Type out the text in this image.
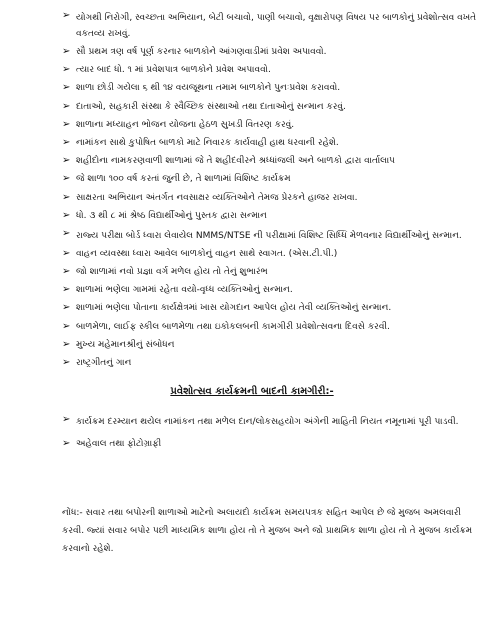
➢ યોગથી નિરોગી, સ્વચ્છતા અભિયાન, બેટી બચાવો, પાણી બચાવો, વૃક્ષારોપણ વિષય પર બાળકોનું પ્રવેશોત્સવ વખતે વકતવ્ય રાખવું.
➢ સૌ પ્રથમ ત્રણ વર્ષ પૂર્ણ કરનાર બાળકોને આંગણવાડીમાં પ્રવેશ અપાવવો.
➢ ત્યાર બાદ ધો. ૧ માં પ્રવેશપાત્ર બાળકોને પ્રવેશ અપાવવો.
➢ શાળા છોડી ગયેલા ૬ થી ૧૪ વયજૂથના તમામ બાળકોને પુનઃપ્રવેશ કરાવવો.
➢ દાતાઓ, સહકારી સંસ્થા કે સ્વૈચ્છિક સંસ્થાઓ તથા દાતાઓનું સન્માન કરવું.
➢ શાળાના મધ્યાહન ભોજન યોજના હેઠળ સુખડી વિતરણ કરવું.
➢ નામાંકન સાથે કુપોષિત બાળકો માટે નિવારક કાર્યવાહી હાથ ધરવાની રહેશે.
➢ શહીદોના નામકરણવાળી શાળામાં જે તે શહીદવીરને શ્રધ્ધાંજલી અને બાળકો દ્વારા વાર્તાલાપ
➢ જે શાળા ૧૦૦ વર્ષ કરતાં જુની છે, તે શાળામાં વિશિષ્ટ કાર્યક્રમ
➢ સાક્ષરતા અભિયાન અંતર્ગત નવસાક્ષર વ્યક્તિઓને તેમજ પ્રેરકને હાજર રાખવા.
➢ ધો. ૩ થી ૮ માં શ્રેષ્ઠ વિદ્યાર્થીઓનું પુસ્તક દ્વારા સન્માન
➢ રાજ્ય પરીક્ષા બોર્ડ ધ્વારા લેવાયેલ NMMS/NTSE ની પરીક્ષામાં વિશિષ્ટ સિધ્ધિ મેળવનાર વિદ્યાર્થીઓનું સન્માન.
➢ વાહન વ્યવસ્થા ધ્વારા આવેલ બાળકોનું વાહન સાથે સ્વાગત. (એસ.ટી.પી.)
➢ જો શાળામાં નવો પ્રજ્ઞા વર્ગ મળેલ હોય તો તેનું શુભારંભ
➢ શાળામાં ભણેલા ગામમાં રહેતા વયો-વૃધ્ધ વ્યક્તિઓનું સન્માન.
➢ શાળામાં ભણેલા પોતાના કાર્યક્ષેત્રમાં ખાસ યોગદાન આપેલ હોય તેવી વ્યક્તિઓનું સન્માન.
➢ બાળમેળા, લાઈફ સ્કીલ બાળમેળા તથા ઇકોકલબની કામગીરી પ્રવેશોત્સવના દિવસે કરવી.
➢ મુખ્ય મહેમાનશ્રીનું સંબોધન
➢ રાષ્ટ્રગીતનું ગાન
પ્રવેશોત્સવ કાર્યક્રમની બાદની કામગીરી:-
➢ કાર્યક્રમ દરમ્યાન થયેલ નામાંકન તથા મળેલ દાન/લોકસહયોગ અંગેની માહિતી નિયત નમૂનામાં પૂરી પાડવી.
➢ અહેવાલ તથા ફોટોગ્રાફી
નોંધ:- સવાર તથા બપોરની શાળાઓ માટેનો અલાયદો કાર્યક્રમ સમયપત્રક સહિત આપેલ છે જે મુજબ અમલવારી કરવી. જ્યાં સવાર બપોર પછી માધ્યમિક શાળા હોય તો તે મુજબ અને જો પ્રાથમિક શાળા હોય તો તે મુજબ કાર્યક્રમ કરવાનો રહેશે.
